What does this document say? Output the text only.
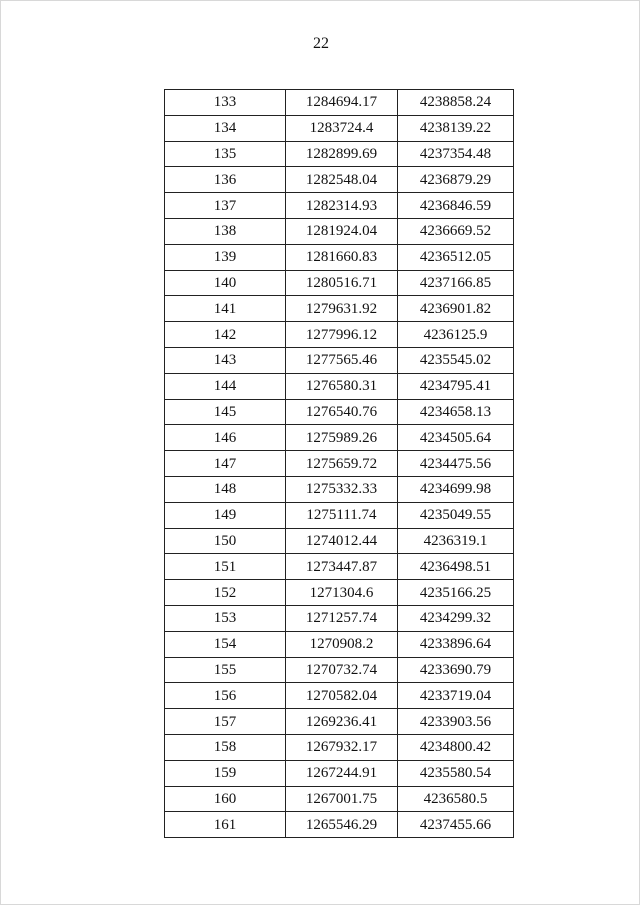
22
133	1284694.17	4238858.24
134	1283724.4	4238139.22
135	1282899.69	4237354.48
136	1282548.04	4236879.29
137	1282314.93	4236846.59
138	1281924.04	4236669.52
139	1281660.83	4236512.05
140	1280516.71	4237166.85
141	1279631.92	4236901.82
142	1277996.12	4236125.9
143	1277565.46	4235545.02
144	1276580.31	4234795.41
145	1276540.76	4234658.13
146	1275989.26	4234505.64
147	1275659.72	4234475.56
148	1275332.33	4234699.98
149	1275111.74	4235049.55
150	1274012.44	4236319.1
151	1273447.87	4236498.51
152	1271304.6	4235166.25
153	1271257.74	4234299.32
154	1270908.2	4233896.64
155	1270732.74	4233690.79
156	1270582.04	4233719.04
157	1269236.41	4233903.56
158	1267932.17	4234800.42
159	1267244.91	4235580.54
160	1267001.75	4236580.5
161	1265546.29	4237455.66
